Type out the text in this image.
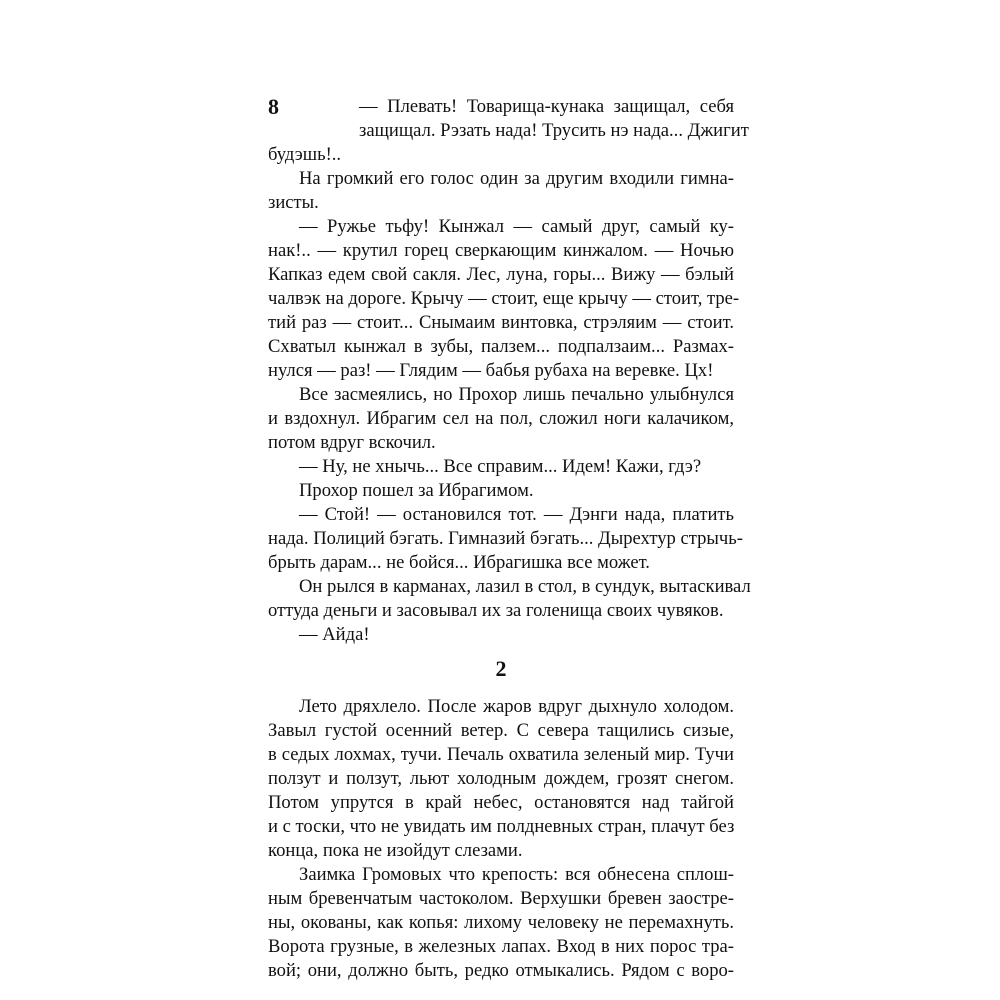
8	— Плевать! Товарища-кунака защищал, себя
защищал. Рэзать нада! Трусить нэ нада... Джигит
будэшь!..
На громкий его голос один за другим входили гимна-
зисты.
— Ружье тьфу! Кынжал — самый друг, самый ку-
нак!.. — крутил горец сверкающим кинжалом. — Ночью
Капказ едем свой сакля. Лес, луна, горы... Вижу — бэлый
чалвэк на дороге. Крычу — стоит, еще крычу — стоит, тре-
тий раз — стоит... Снымаим винтовка, стрэляим — стоит.
Схватыл кынжал в зубы, палзем... подпалзаим... Размах-
нулся — раз! — Глядим — бабья рубаха на веревке. Цх!
Все засмеялись, но Прохор лишь печально улыбнулся
и вздохнул. Ибрагим сел на пол, сложил ноги калачиком,
потом вдруг вскочил.
— Ну, не хнычь... Все справим... Идем! Кажи, гдэ?
Прохор пошел за Ибрагимом.
— Стой! — остановился тот. — Дэнги нада, платить
нада. Полиций бэгать. Гимназий бэгать... Дырехтур стрычь-
брыть дарам... не бойся... Ибрагишка все может.
Он рылся в карманах, лазил в стол, в сундук, вытаскивал
оттуда деньги и засовывал их за голенища своих чувяков.
— Айда!
2
Лето дряхлело. После жаров вдруг дыхнуло холодом.
Завыл густой осенний ветер. С севера тащились сизые,
в седых лохмах, тучи. Печаль охватила зеленый мир. Тучи
ползут и ползут, льют холодным дождем, грозят снегом.
Потом упрутся в край небес, остановятся над тайгой
и с тоски, что не увидать им полдневных стран, плачут без
конца, пока не изойдут слезами.
Заимка Громовых что крепость: вся обнесена сплош-
ным бревенчатым частоколом. Верхушки бревен заостре-
ны, окованы, как копья: лихому человеку не перемахнуть.
Ворота грузные, в железных лапах. Вход в них порос тра-
вой; они, должно быть, редко отмыкались. Рядом с воро-
